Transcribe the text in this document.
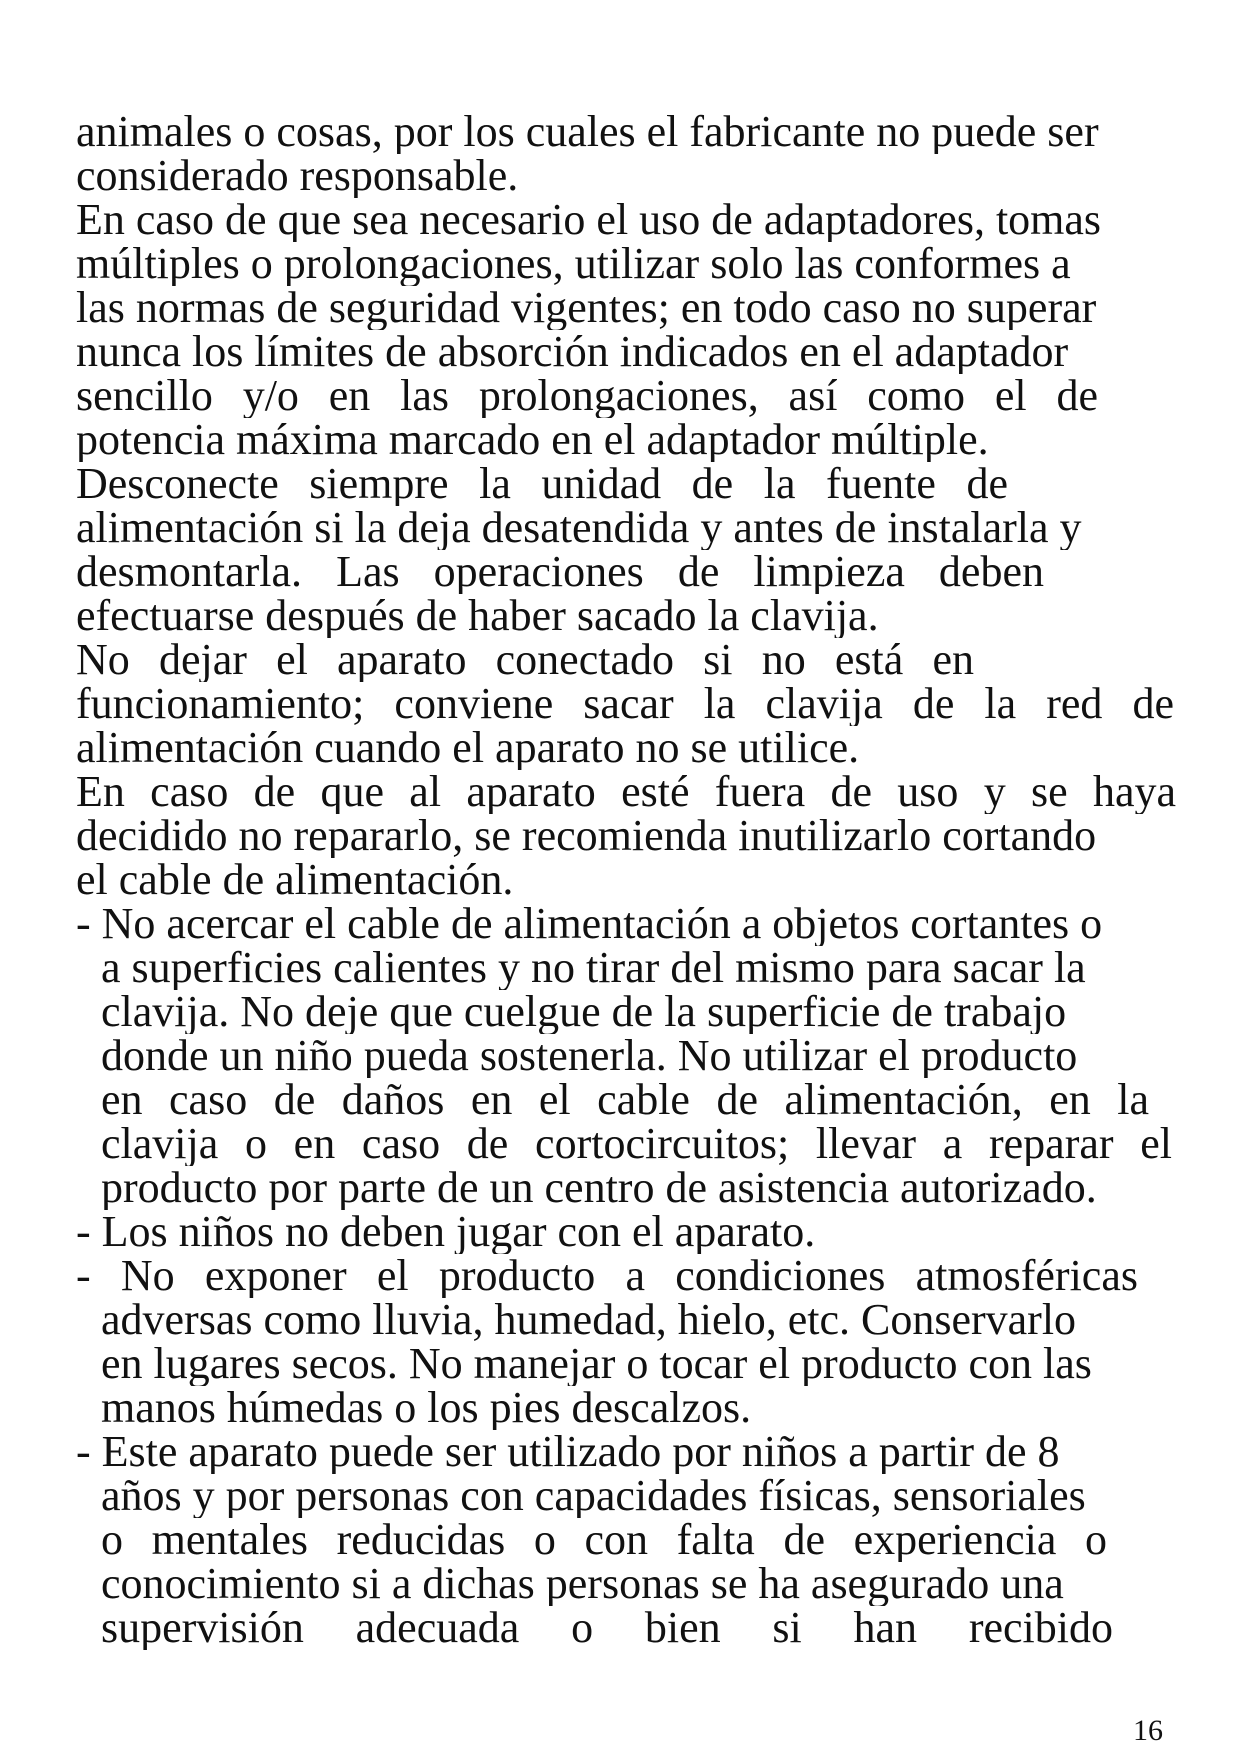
animales o cosas, por los cuales el fabricante no puede ser
considerado responsable.
En caso de que sea necesario el uso de adaptadores, tomas
múltiples o prolongaciones, utilizar solo las conformes a
las normas de seguridad vigentes; en todo caso no superar
nunca los límites de absorción indicados en el adaptador
sencillo y/o en las prolongaciones, así como el de
potencia máxima marcado en el adaptador múltiple.
Desconecte siempre la unidad de la fuente de
alimentación si la deja desatendida y antes de instalarla y
desmontarla. Las operaciones de limpieza deben
efectuarse después de haber sacado la clavija.
No dejar el aparato conectado si no está en
funcionamiento; conviene sacar la clavija de la red de
alimentación cuando el aparato no se utilice.
En caso de que al aparato esté fuera de uso y se haya
decidido no repararlo, se recomienda inutilizarlo cortando
el cable de alimentación.
- No acercar el cable de alimentación a objetos cortantes o
a superficies calientes y no tirar del mismo para sacar la
clavija. No deje que cuelgue de la superficie de trabajo
donde un niño pueda sostenerla. No utilizar el producto
en caso de daños en el cable de alimentación, en la
clavija o en caso de cortocircuitos; llevar a reparar el
producto por parte de un centro de asistencia autorizado.
- Los niños no deben jugar con el aparato.
- No exponer el producto a condiciones atmosféricas
adversas como lluvia, humedad, hielo, etc. Conservarlo
en lugares secos. No manejar o tocar el producto con las
manos húmedas o los pies descalzos.
- Este aparato puede ser utilizado por niños a partir de 8
años y por personas con capacidades físicas, sensoriales
o mentales reducidas o con falta de experiencia o
conocimiento si a dichas personas se ha asegurado una
supervisión adecuada o bien si han recibido
16
